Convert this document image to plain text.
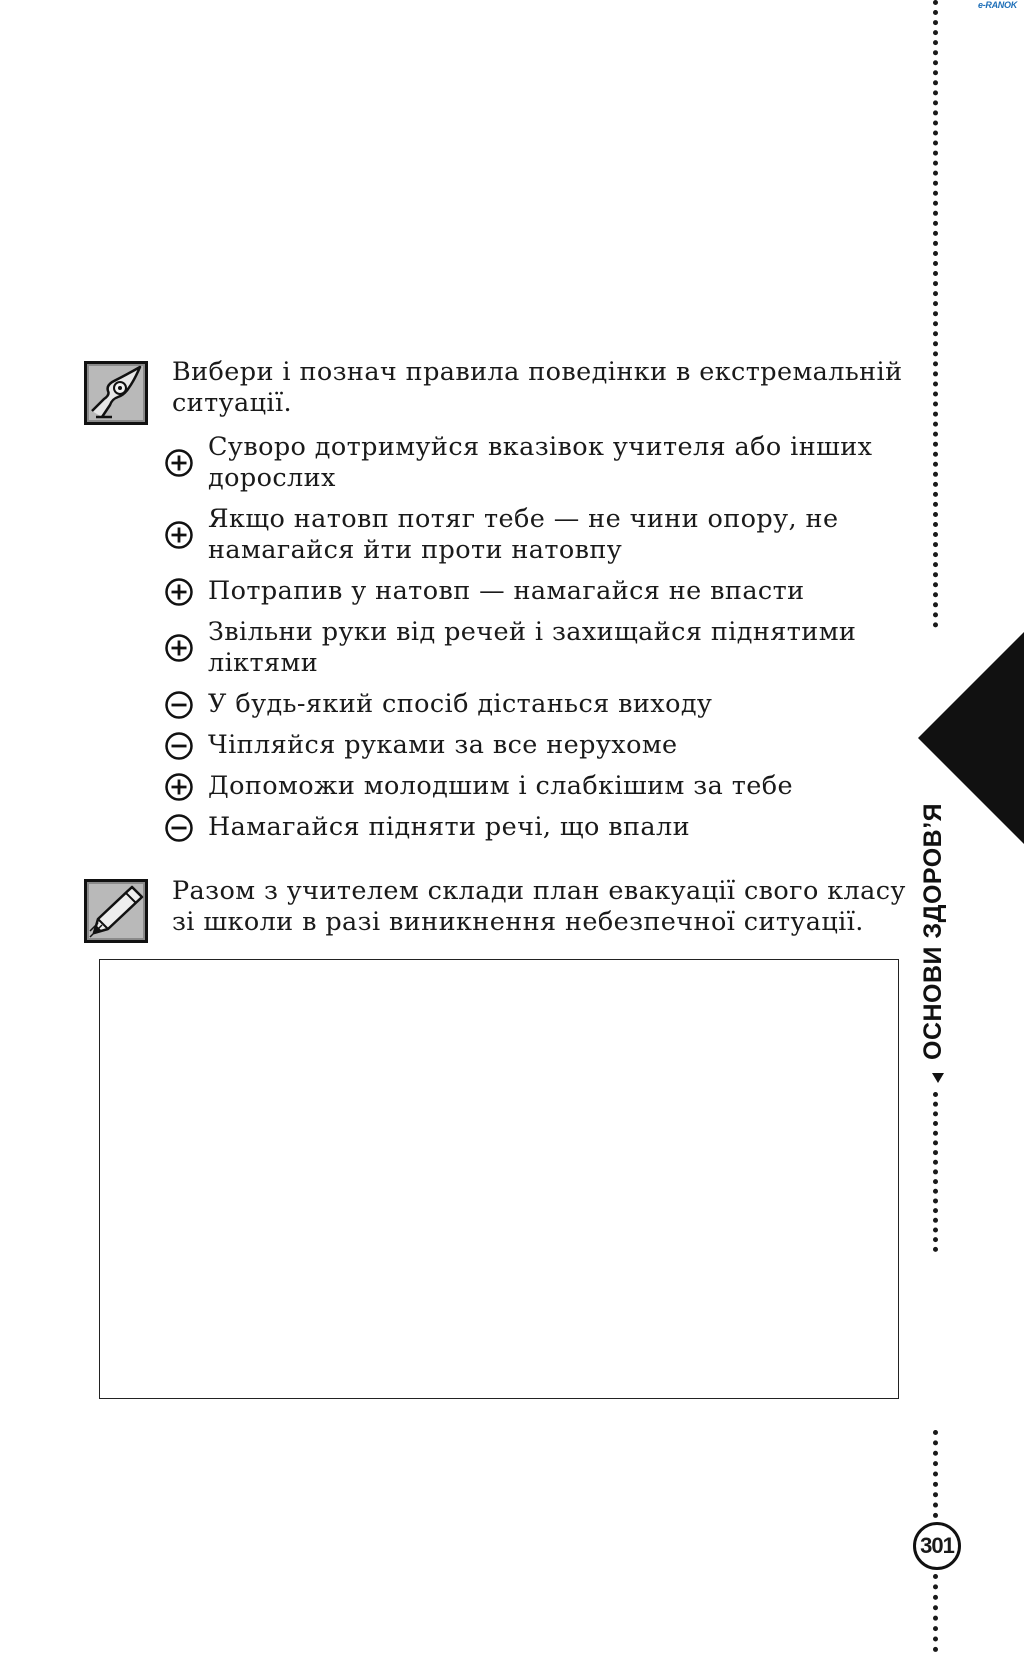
e-RANOK
ОСНОВИ ЗДОРОВ’Я
301
Вибери і познач правила поведінки в екстремальній ситуації.
Суворо дотримуйся вказівок учителя або інших дорослих
Якщо натовп потяг тебе — не чини опору, не намагайся йти проти натовпу
Потрапив у натовп — намагайся не впасти
Звільни руки від речей і захищайся піднятими ліктями
У будь-який спосіб дістанься виходу
Чіпляйся руками за все нерухоме
Допоможи молодшим і слабкішим за тебе
Намагайся підняти речі, що впали
Разом з учителем склади план евакуації свого класу зі школи в разі виникнення небезпечної ситуації.
